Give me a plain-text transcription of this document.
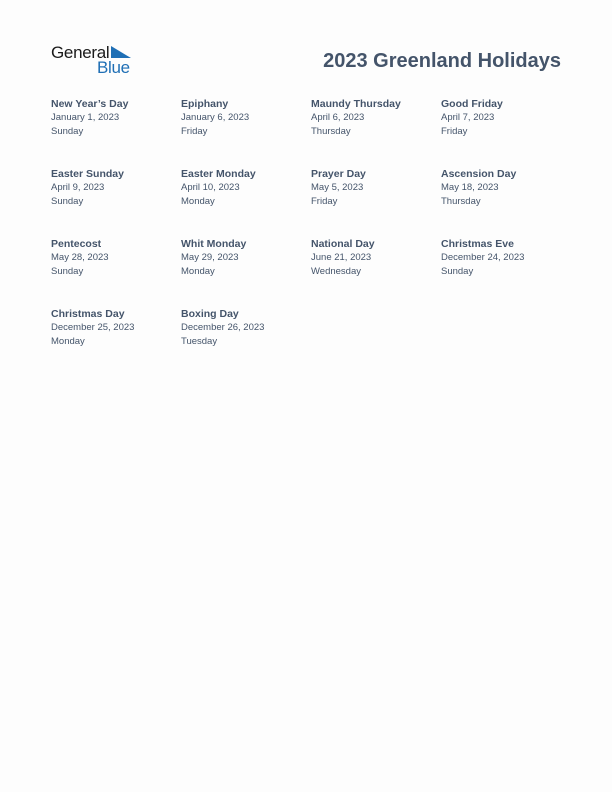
General
Blue	2023 Greenland Holidays
New Year’s Day
January 1, 2023
Sunday
Epiphany
January 6, 2023
Friday
Maundy Thursday
April 6, 2023
Thursday
Good Friday
April 7, 2023
Friday
Easter Sunday
April 9, 2023
Sunday
Easter Monday
April 10, 2023
Monday
Prayer Day
May 5, 2023
Friday
Ascension Day
May 18, 2023
Thursday
Pentecost
May 28, 2023
Sunday
Whit Monday
May 29, 2023
Monday
National Day
June 21, 2023
Wednesday
Christmas Eve
December 24, 2023
Sunday
Christmas Day
December 25, 2023
Monday
Boxing Day
December 26, 2023
Tuesday
